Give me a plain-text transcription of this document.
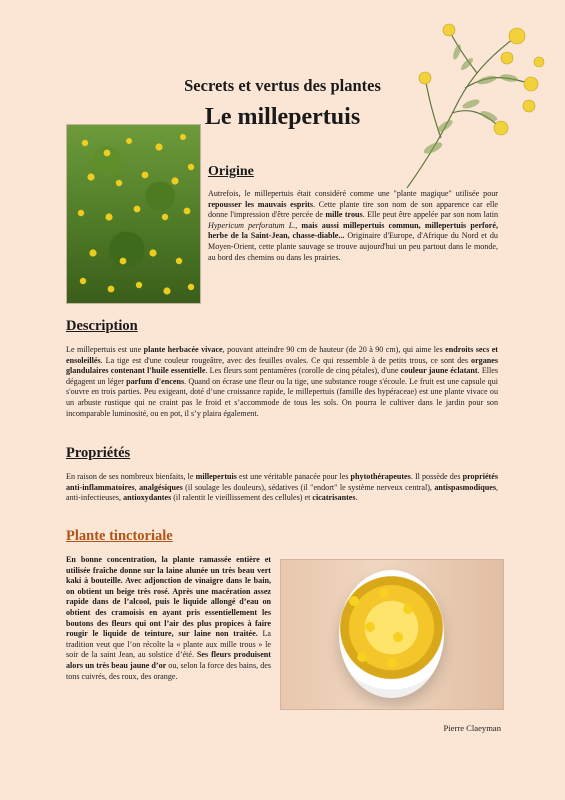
Secrets et vertus des plantes
Le millepertuis
Origine

Autrefois, le millepertuis était considéré comme une "plante magique" utilisée pour repousser les mauvais esprits. Cette plante tire son nom de son apparence car elle donne l'impression d'être percée de mille trous. Elle peut être appelée par son nom latin Hypericum perforatum L., mais aussi millepertuis commun, millepertuis perforé, herbe de la Saint-Jean, chasse-diable... Originaire d'Europe, d'Afrique du Nord et du Moyen-Orient, cette plante sauvage se trouve aujourd'hui un peu partout dans le monde, au bord des chemins ou dans les prairies.

Description

Le millepertuis est une plante herbacée vivace, pouvant atteindre 90 cm de hauteur (de 20 à 90 cm), qui aime les endroits secs et ensoleillés. La tige est d'une couleur rougeâtre, avec des feuilles ovales. Ce qui ressemble à de petits trous, ce sont des organes glandulaires contenant l'huile essentielle. Les fleurs sont pentamères (corolle de cinq pétales), d'une couleur jaune éclatant. Elles dégagent un léger parfum d'encens. Quand on écrase une fleur ou la tige, une substance rouge s'écoule. Le fruit est une capsule qui s'ouvre en trois parties. Peu exigeant, doté d’une croissance rapide, le millepertuis (famille des hypéraceae) est une plante vivace ou un arbuste rustique qui ne craint pas le froid et s’accommode de tous les sols. On pourra le cultiver dans le jardin pour son incomparable luminosité, ou en pot, il s’y plaira également.

Propriétés

En raison de ses nombreux bienfaits, le millepertuis est une véritable panacée pour les phytothérapeutes. Il possède des propriétés anti-inflammatoires, analgésiques (il soulage les douleurs), sédatives (il "endort" le système nerveux central), antispasmodiques, anti-infectieuses, antioxydantes (il ralentit le vieillissement des cellules) et cicatrisantes.

Plante tinctoriale

En bonne concentration, la plante ramassée entière et utilisée fraîche donne sur la laine alunée un très beau vert kaki à bouteille. Avec adjonction de vinaigre dans le bain, on obtient un beige très rosé. Après une macération assez rapide dans de l’alcool, puis le liquide allongé d’eau on obtient des cramoisis en ayant pris essentiellement les boutons des fleurs qui ont l’air des plus propices à faire rougir le liquide de teinture, sur laine non traitée. La tradition veut que l’on récolte la « plante aux mille trous » le soir de la saint Jean, au solstice d’été. Ses fleurs produisent alors un très beau jaune d’or ou, selon la force des bains, des tons cuivrés, des roux, des orange.

Pierre Claeyman
